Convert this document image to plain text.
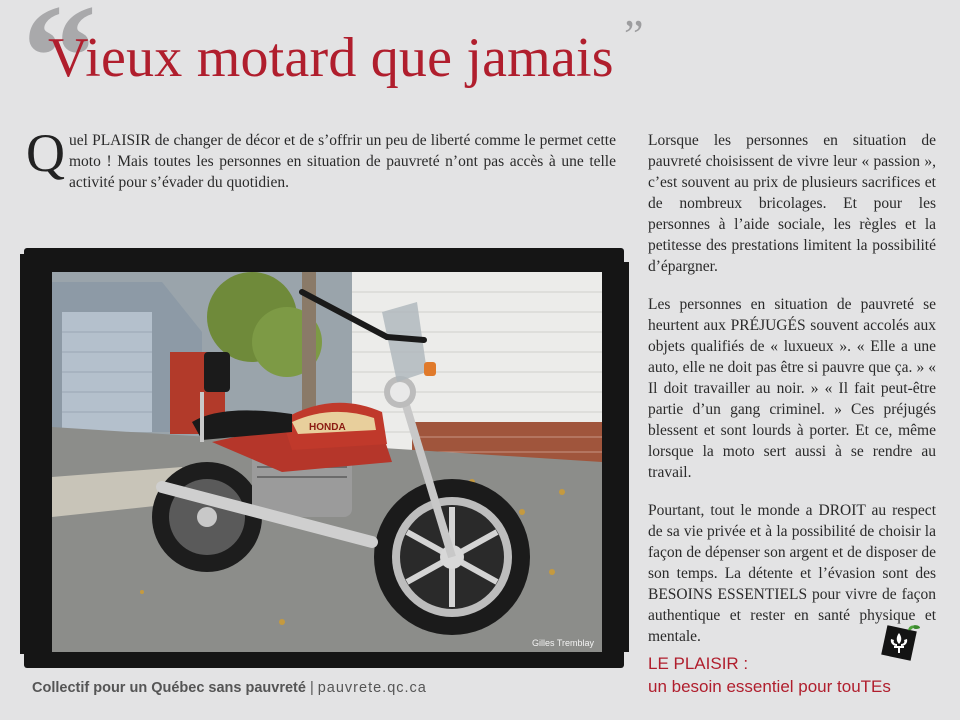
“
Vieux motard que jamais ”
Quel PLAISIR de changer de décor et de s’offrir un peu de liberté comme le permet cette moto ! Mais toutes les personnes en situation de pauvreté n’ont pas accès à une telle activité pour s’évader du quotidien.
HONDA
Gilles Tremblay

Lorsque les personnes en situation de pauvreté choisissent de vivre leur « passion », c’est souvent au prix de plusieurs sacrifices et de nombreux bricolages. Et pour les personnes à l’aide sociale, les règles et la petitesse des prestations limitent la possibilité d’épargner.

Les personnes en situation de pauvreté se heurtent aux PRÉJUGÉS souvent accolés aux objets qualifiés de « luxueux ». « Elle a une auto, elle ne doit pas être si pauvre que ça. » « Il doit travailler au noir. » « Il fait peut-être partie d’un gang criminel. » Ces préjugés blessent et sont lourds à porter. Et ce, même lorsque la moto sert aussi à se rendre au travail.

Pourtant, tout le monde a DROIT au respect de sa vie privée et à la possibilité de choisir la façon de dépenser son argent et de disposer de son temps. La détente et l’évasion sont des BESOINS ESSENTIELS pour vivre de façon authentique et rester en santé physique et mentale.

Collectif pour un Québec sans pauvreté | pauvrete.qc.ca
LE PLAISIR :
un besoin essentiel pour touTEs
